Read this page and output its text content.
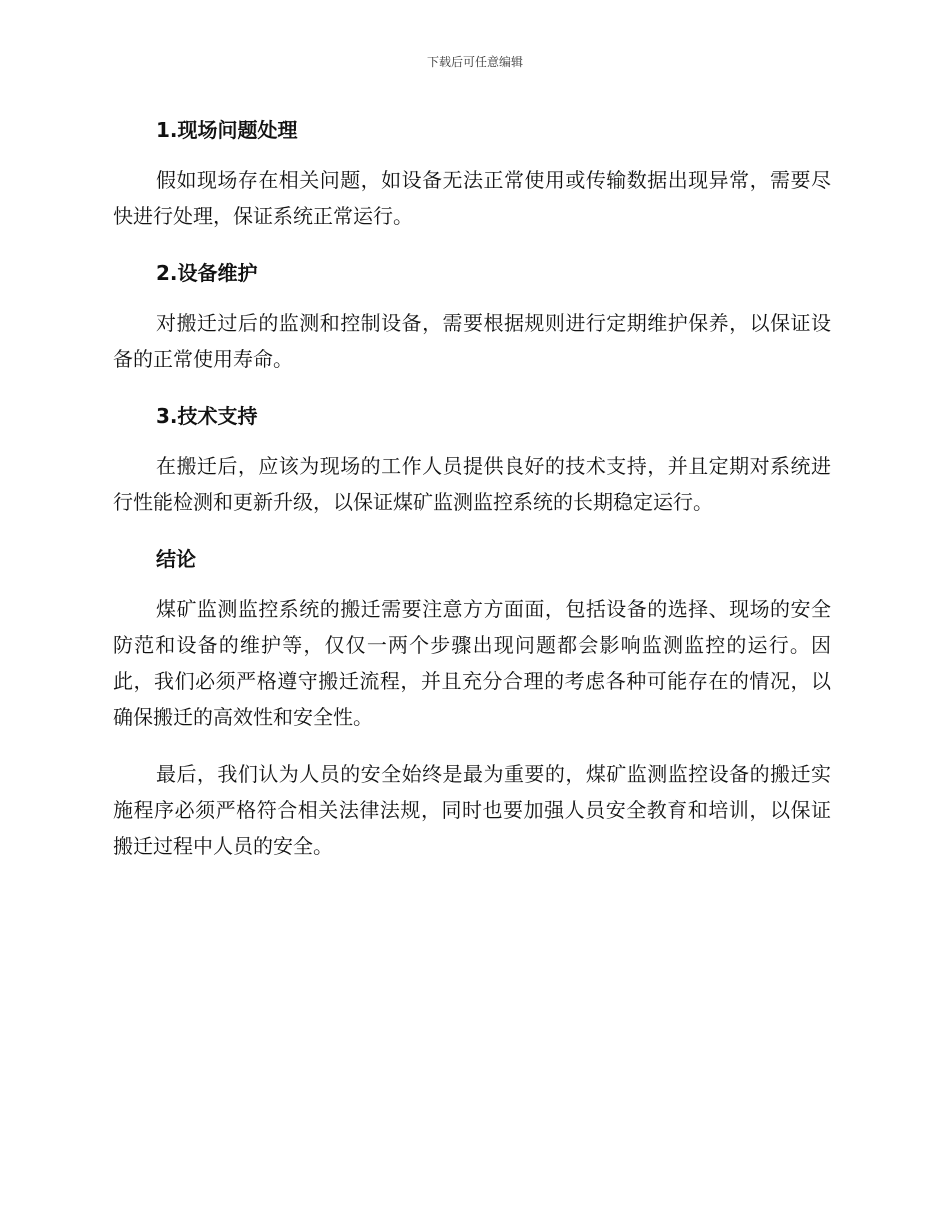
下载后可任意编辑
1.现场问题处理

假如现场存在相关问题，如设备无法正常使用或传输数据出现异常，需要尽快进行处理，保证系统正常运行。

2.设备维护

对搬迁过后的监测和控制设备，需要根据规则进行定期维护保养，以保证设备的正常使用寿命。

3.技术支持

在搬迁后，应该为现场的工作人员提供良好的技术支持，并且定期对系统进行性能检测和更新升级，以保证煤矿监测监控系统的长期稳定运行。

结论

煤矿监测监控系统的搬迁需要注意方方面面，包括设备的选择、现场的安全防范和设备的维护等，仅仅一两个步骤出现问题都会影响监测监控的运行。因此，我们必须严格遵守搬迁流程，并且充分合理的考虑各种可能存在的情况，以确保搬迁的高效性和安全性。

最后，我们认为人员的安全始终是最为重要的，煤矿监测监控设备的搬迁实施程序必须严格符合相关法律法规，同时也要加强人员安全教育和培训，以保证搬迁过程中人员的安全。
